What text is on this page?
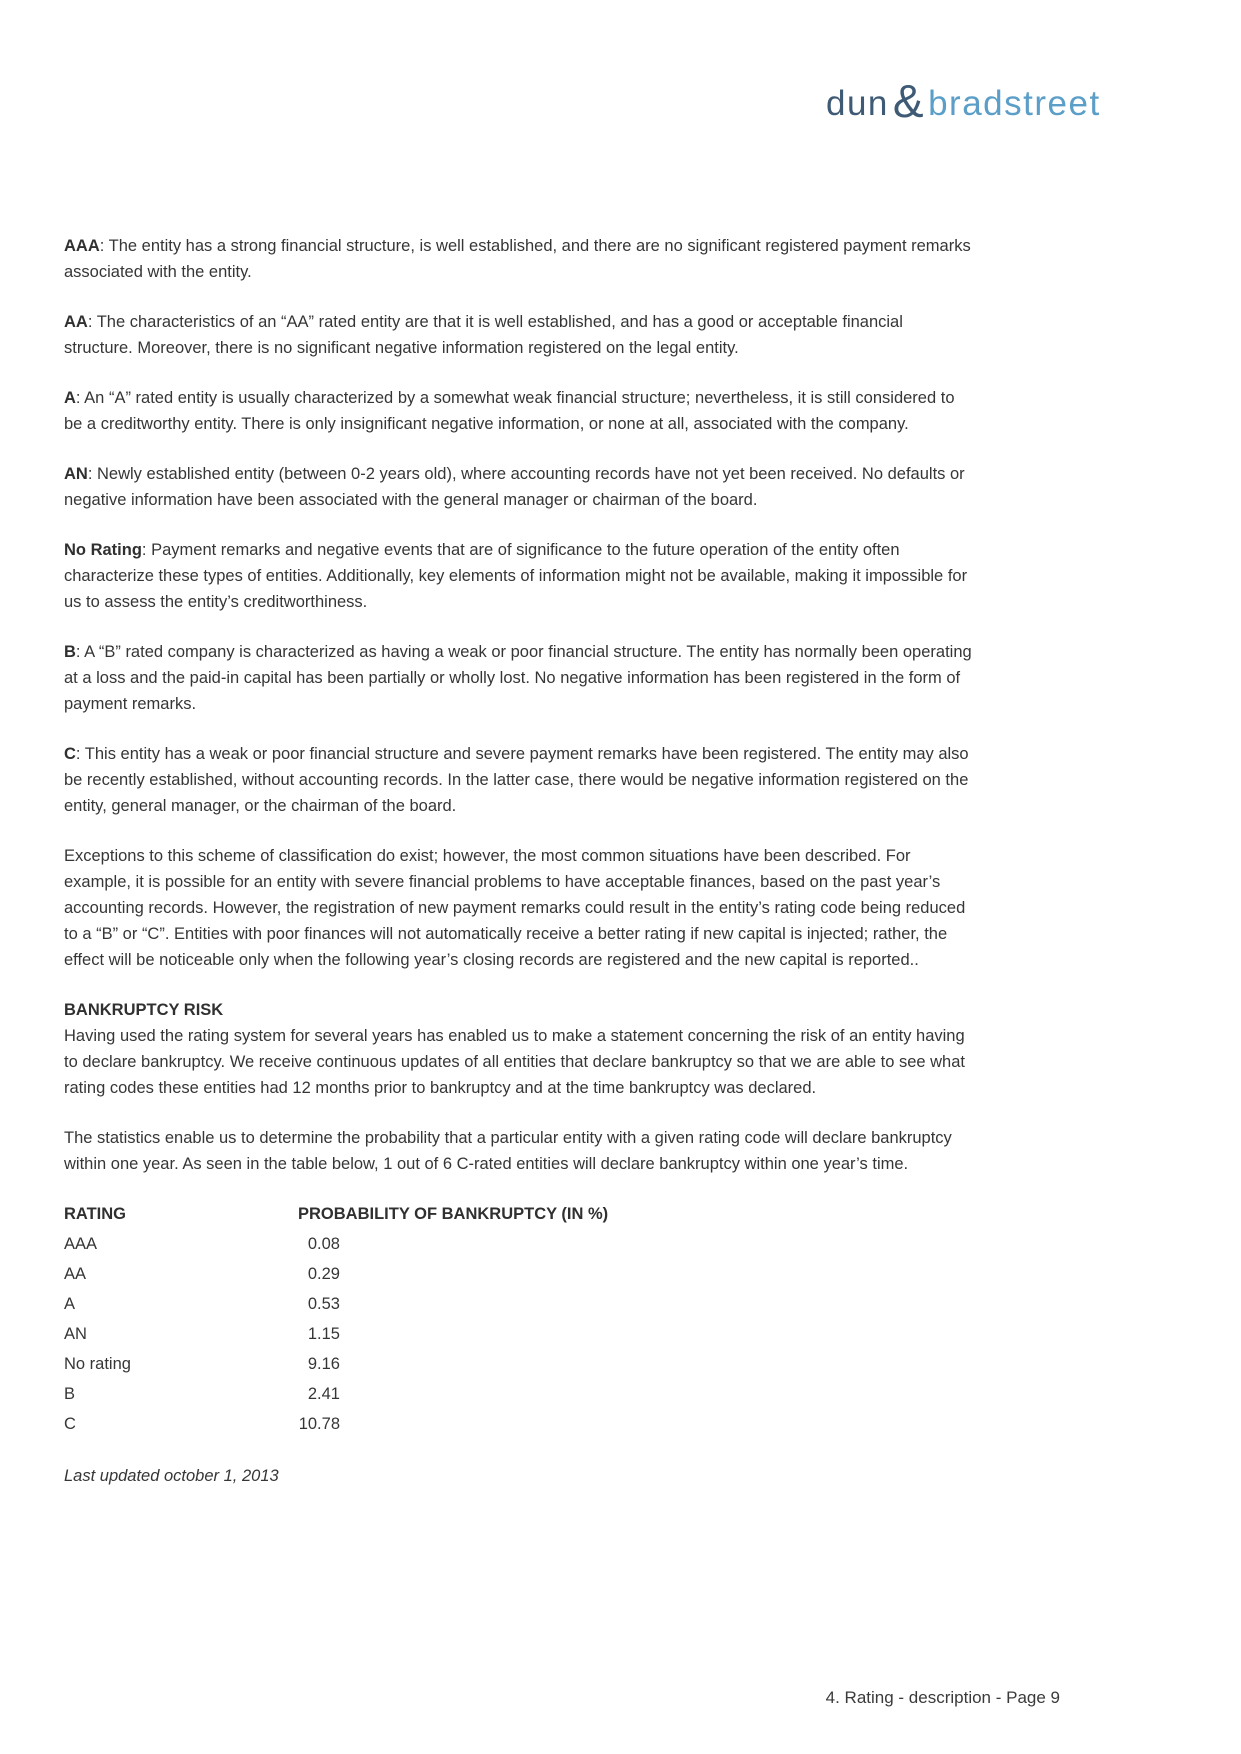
dun & bradstreet

AAA: The entity has a strong financial structure, is well established, and there are no significant registered payment remarks associated with the entity.

AA: The characteristics of an “AA” rated entity are that it is well established, and has a good or acceptable financial structure. Moreover, there is no significant negative information registered on the legal entity.

A: An “A” rated entity is usually characterized by a somewhat weak financial structure; nevertheless, it is still considered to be a creditworthy entity. There is only insignificant negative information, or none at all, associated with the company.

AN: Newly established entity (between 0-2 years old), where accounting records have not yet been received. No defaults or negative information have been associated with the general manager or chairman of the board.

No Rating: Payment remarks and negative events that are of significance to the future operation of the entity often characterize these types of entities. Additionally, key elements of information might not be available, making it impossible for us to assess the entity’s creditworthiness.

B: A “B” rated company is characterized as having a weak or poor financial structure. The entity has normally been operating at a loss and the paid-in capital has been partially or wholly lost. No negative information has been registered in the form of payment remarks.

C: This entity has a weak or poor financial structure and severe payment remarks have been registered. The entity may also be recently established, without accounting records. In the latter case, there would be negative information registered on the entity, general manager, or the chairman of the board.

Exceptions to this scheme of classification do exist; however, the most common situations have been described. For example, it is possible for an entity with severe financial problems to have acceptable finances, based on the past year’s accounting records. However, the registration of new payment remarks could result in the entity’s rating code being reduced to a “B” or “C”. Entities with poor finances will not automatically receive a better rating if new capital is injected; rather, the effect will be noticeable only when the following year’s closing records are registered and the new capital is reported..

BANKRUPTCY RISK

Having used the rating system for several years has enabled us to make a statement concerning the risk of an entity having to declare bankruptcy. We receive continuous updates of all entities that declare bankruptcy so that we are able to see what rating codes these entities had 12 months prior to bankruptcy and at the time bankruptcy was declared.

The statistics enable us to determine the probability that a particular entity with a given rating code will declare bankruptcy within one year. As seen in the table below, 1 out of 6 C-rated entities will declare bankruptcy within one year’s time.

RATING	PROBABILITY OF BANKRUPTCY (IN %)
AAA	0.08
AA	0.29
A	0.53
AN	1.15
No rating	9.16
B	2.41
C	10.78

Last updated october 1, 2013

4. Rating - description - Page 9
